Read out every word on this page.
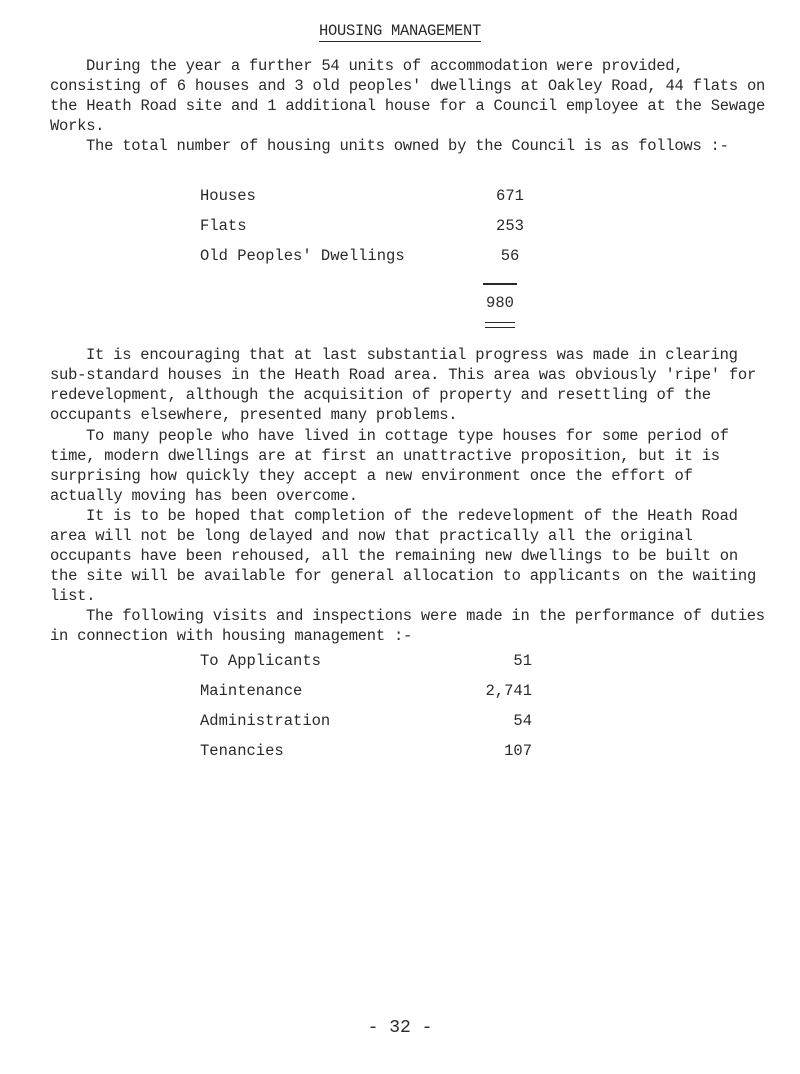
HOUSING MANAGEMENT

During the year a further 54 units of accommodation were provided, consisting of 6 houses and 3 old peoples' dwellings at Oakley Road, 44 flats on the Heath Road site and 1 additional house for a Council employee at the Sewage Works.

The total number of housing units owned by the Council is as follows :-

Houses	671
Flats	253
Old Peoples' Dwellings	56
980

It is encouraging that at last substantial progress was made in clearing sub-standard houses in the Heath Road area. This area was obviously 'ripe' for redevelopment, although the acquisition of property and resettling of the occupants elsewhere, presented many problems.

To many people who have lived in cottage type houses for some period of time, modern dwellings are at first an unattractive proposition, but it is surprising how quickly they accept a new environment once the effort of actually moving has been overcome.

It is to be hoped that completion of the redevelopment of the Heath Road area will not be long delayed and now that practically all the original occupants have been rehoused, all the remaining new dwellings to be built on the site will be available for general allocation to applicants on the waiting list.

The following visits and inspections were made in the performance of duties in connection with housing management :-

To Applicants	51
Maintenance	2,741
Administration	54
Tenancies	107
- 32 -
